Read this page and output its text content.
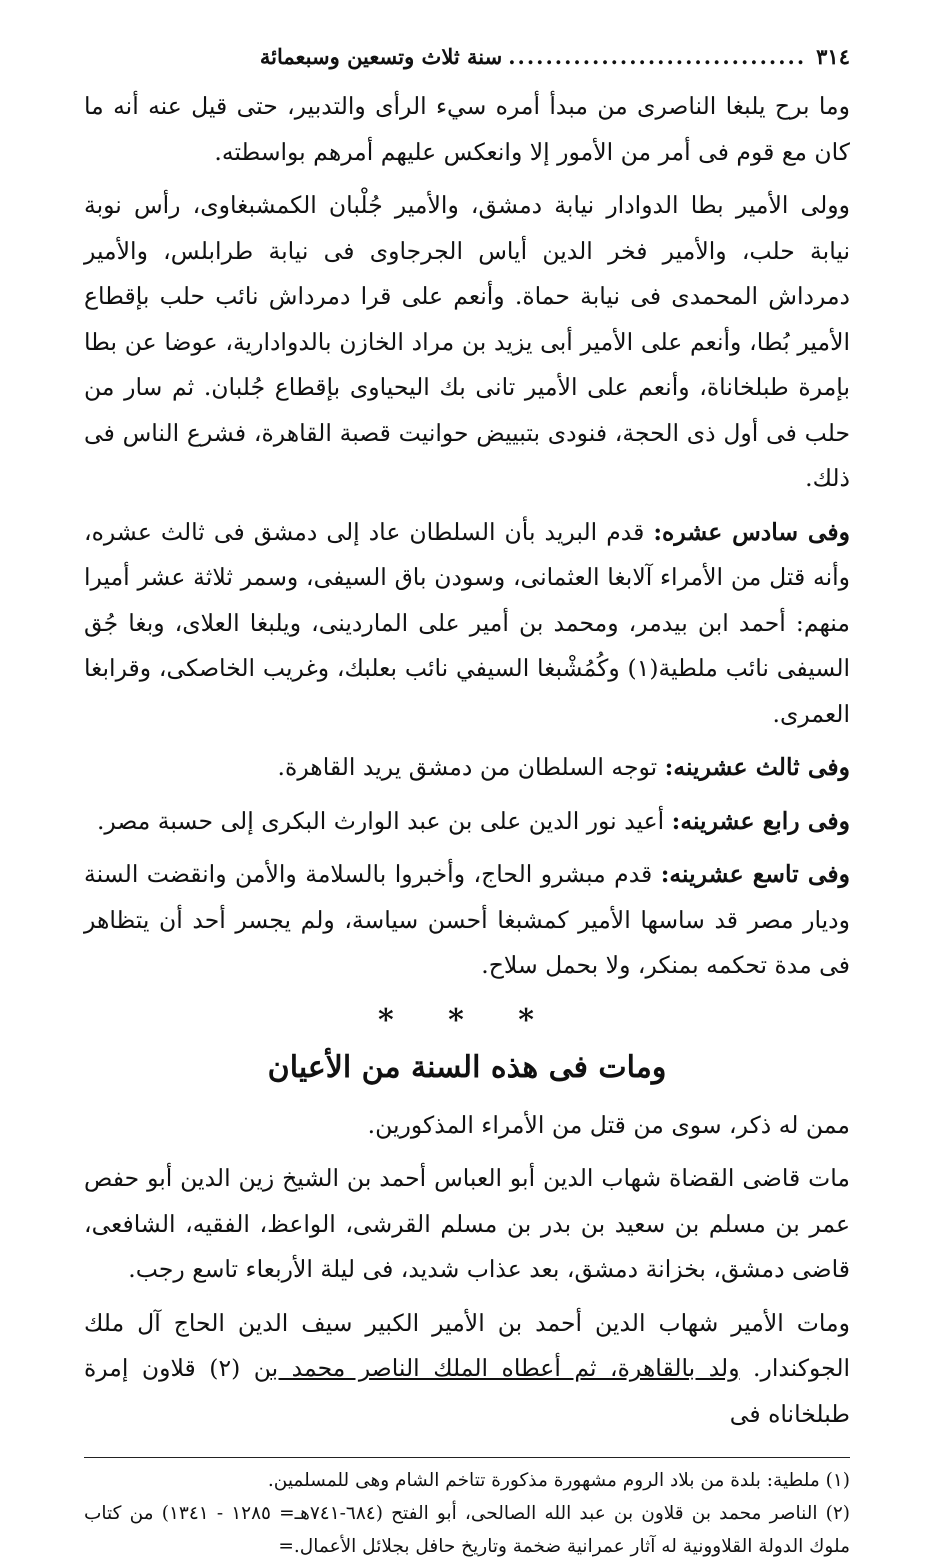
٣١٤
................................
سنة ثلاث وتسعين وسبعمائة

وما برح يلبغا الناصرى من مبدأ أمره سيء الرأى والتدبير، حتى قيل عنه أنه ما كان مع قوم فى أمر من الأمور إلا وانعكس عليهم أمرهم بواسطته.

وولى الأمير بطا الدوادار نيابة دمشق، والأمير جُلْبان الكمشبغاوى، رأس نوبة نيابة حلب، والأمير فخر الدين أياس الجرجاوى فى نيابة طرابلس، والأمير دمرداش المحمدى فى نيابة حماة. وأنعم على قرا دمرداش نائب حلب بإقطاع الأمير بُطا، وأنعم على الأمير أبى يزيد بن مراد الخازن بالدوادارية، عوضا عن بطا بإمرة طبلخاناة، وأنعم على الأمير تانى بك اليحياوى بإقطاع جُلبان. ثم سار من حلب فى أول ذى الحجة، فنودى بتبييض حوانيت قصبة القاهرة، فشرع الناس فى ذلك.

وفى سادس عشره: قدم البريد بأن السلطان عاد إلى دمشق فى ثالث عشره، وأنه قتل من الأمراء آلابغا العثمانى، وسودن باق السيفى، وسمر ثلاثة عشر أميرا منهم: أحمد ابن بيدمر، ومحمد بن أمير على الماردينى، ويلبغا العلاى، وبغا جُق السيفى نائب ملطية(١) وكُمُشْبغا السيفي نائب بعلبك، وغريب الخاصكى، وقرابغا العمرى.

وفى ثالث عشرينه: توجه السلطان من دمشق يريد القاهرة.

وفى رابع عشرينه: أعيد نور الدين على بن عبد الوارث البكرى إلى حسبة مصر.

وفى تاسع عشرينه: قدم مبشرو الحاج، وأخبروا بالسلامة والأمن وانقضت السنة وديار مصر قد ساسها الأمير كمشبغا أحسن سياسة، ولم يجسر أحد أن يتظاهر فى مدة تحكمه بمنكر، ولا بحمل سلاح.

* * *
ومات فى هذه السنة من الأعيان

ممن له ذكر، سوى من قتل من الأمراء المذكورين.

مات قاضى القضاة شهاب الدين أبو العباس أحمد بن الشيخ زين الدين أبو حفص عمر بن مسلم بن سعيد بن بدر بن مسلم القرشى، الواعظ، الفقيه، الشافعى، قاضى دمشق، بخزانة دمشق، بعد عذاب شديد، فى ليلة الأربعاء تاسع رجب.

ومات الأمير شهاب الدين أحمد بن الأمير الكبير سيف الدين الحاج آل ملك الجوكندار. ولد بالقاهرة، ثم أعطاه الملك الناصر محمد بن (٢) قلاون إمرة طبلخاناه فى

(١) ملطية: بلدة من بلاد الروم مشهورة مذكورة تتاخم الشام وهى للمسلمين.

(٢) الناصر محمد بن قلاون بن عبد الله الصالحى، أبو الفتح (٦٨٤-٧٤١هـ= ١٢٨٥ - ١٣٤١) من كتاب ملوك الدولة القلاوونية له آثار عمرانية ضخمة وتاريخ حافل بجلائل الأعمال.=
